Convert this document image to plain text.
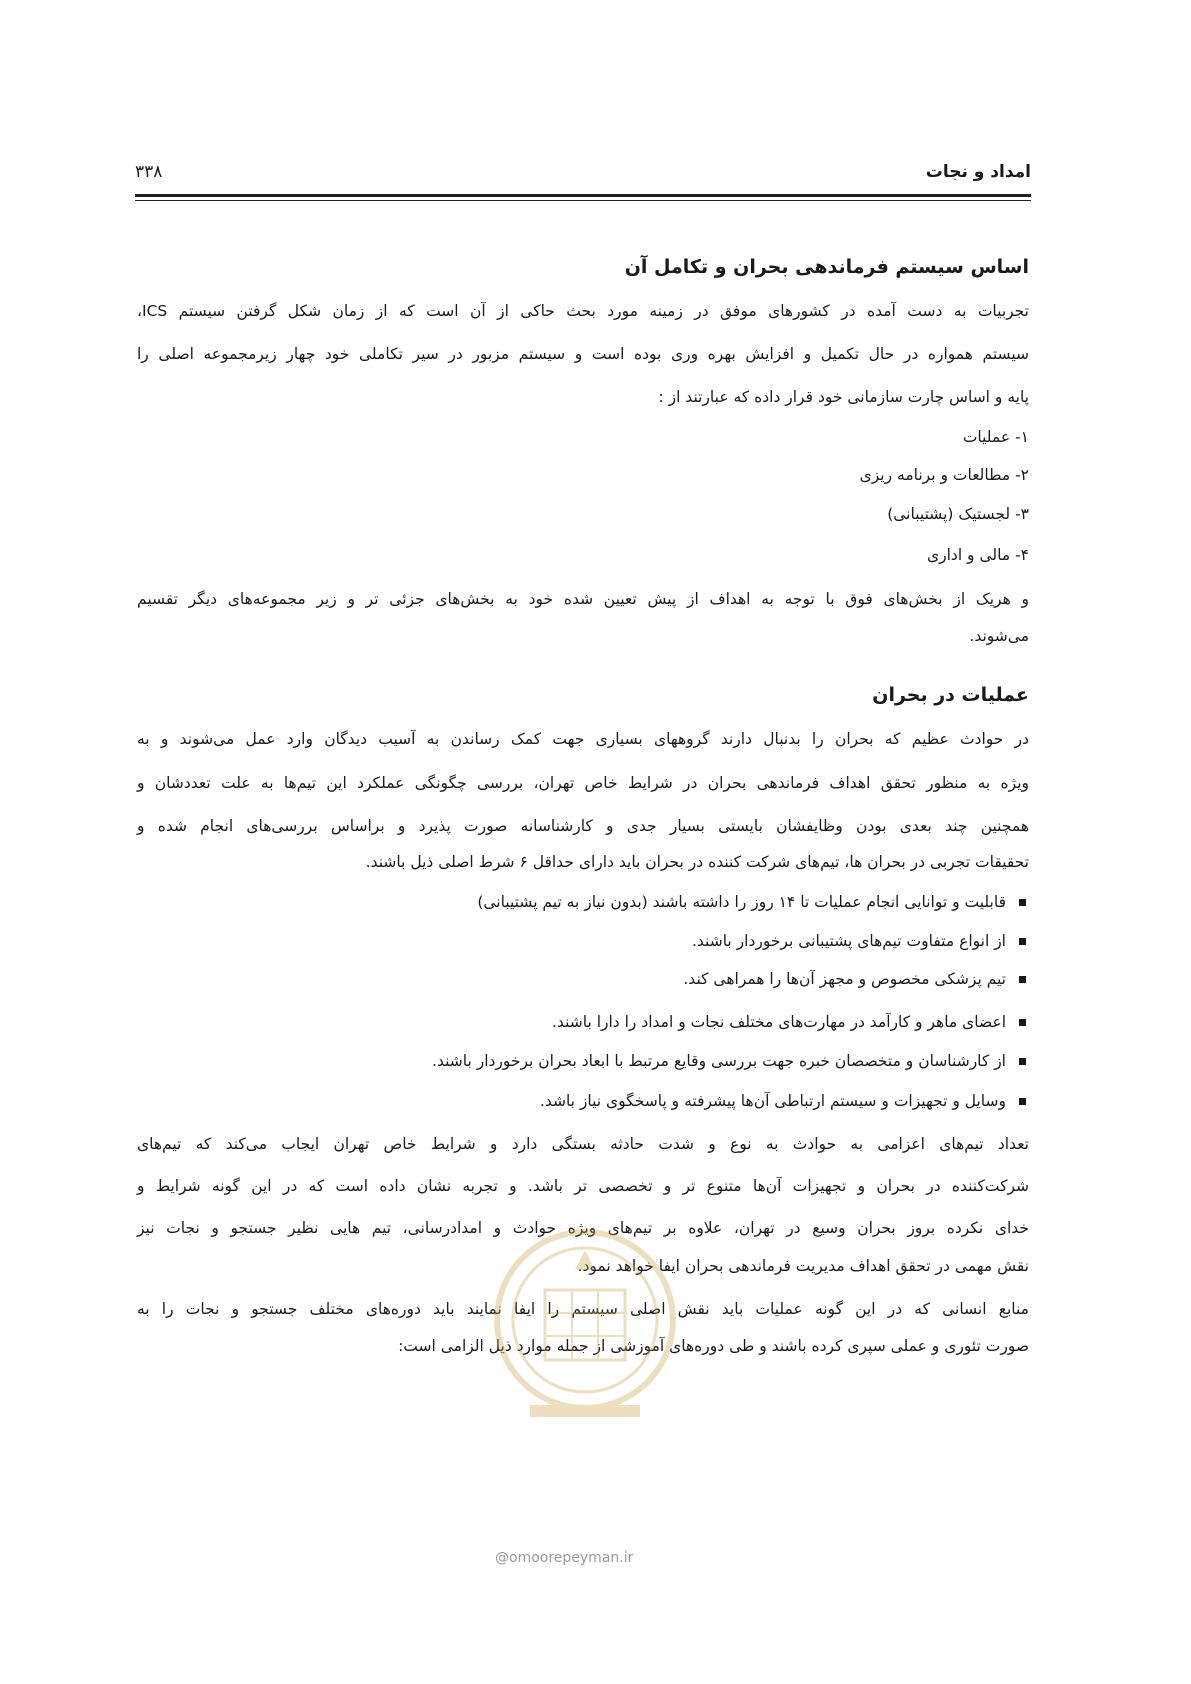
امداد و نجات
۳۳۸
اساس سیستم فرماندهی بحران و تکامل آن
تجربیات به دست آمده در کشورهای موفق در زمینه مورد بحث حاکی از آن است که از زمان شکل گرفتن سیستم ICS،
سیستم همواره در حال تکمیل و افزایش بهره وری بوده است و سیستم مزبور در سیر تکاملی خود چهار زیرمجموعه اصلی را
پایه و اساس چارت سازمانی خود قرار داده که عبارتند از :
۱- عملیات
۲- مطالعات و برنامه ریزی
۳- لجستیک (پشتیبانی)
۴- مالی و اداری
و هریک از بخش‌های فوق با توجه به اهداف از پیش تعیین شده خود به بخش‌های جزئی تر و زیر مجموعه‌های دیگر تقسیم
می‌شوند.
عملیات در بحران
در حوادث عظیم که بحران را بدنبال دارند گروههای بسیاری جهت کمک رساندن به آسیب دیدگان وارد عمل می‌شوند و به
ویژه به منظور تحقق اهداف فرماندهی بحران در شرایط خاص تهران، بررسی چگونگی عملکرد این تیم‌ها به علت تعددشان و
همچنین چند بعدی بودن وظایفشان بایستی بسیار جدی و کارشناسانه صورت پذیرد و براساس بررسی‌های انجام شده و
تحقیقات تجربی در بحران ها، تیم‌های شرکت کننده در بحران باید دارای حداقل ۶ شرط اصلی ذیل باشند.
قابلیت و توانایی انجام عملیات تا ۱۴ روز را داشته باشند (بدون نیاز به تیم پشتیبانی)
از انواع متفاوت تیم‌های پشتیبانی برخوردار باشند.
تیم پزشکی مخصوص و مجهز آن‌ها را همراهی کند.
اعضای ماهر و کارآمد در مهارت‌های مختلف نجات و امداد را دارا باشند.
از کارشناسان و متخصصان خبره جهت بررسی وقایع مرتبط با ابعاد بحران برخوردار باشند.
وسایل و تجهیزات و سیستم ارتباطی آن‌ها پیشرفته و پاسخگوی نیاز باشد.
تعداد تیم‌های اعزامی به حوادث به نوع و شدت حادثه بستگی دارد و شرایط خاص تهران ایجاب می‌کند که تیم‌های
شرکت‌کننده در بحران و تجهیزات آن‌ها متنوع تر و تخصصی تر باشد. و تجربه نشان داده است که در این گونه شرایط و
خدای نکرده بروز بحران وسیع در تهران، علاوه بر تیم‌های ویژه حوادث و امدادرسانی، تیم هایی نظیر جستجو و نجات نیز
نقش مهمی در تحقق اهداف مدیریت فرماندهی بحران ایفا خواهد نمود.
منابع انسانی که در این گونه عملیات باید نقش اصلی سیستم را ایفا نمایند باید دوره‌های مختلف جستجو و نجات را به
صورت تئوری و عملی سپری کرده باشند و طی دوره‌های آموزشی از جمله موارد ذیل الزامی است:
@omoorepeyman.ir
